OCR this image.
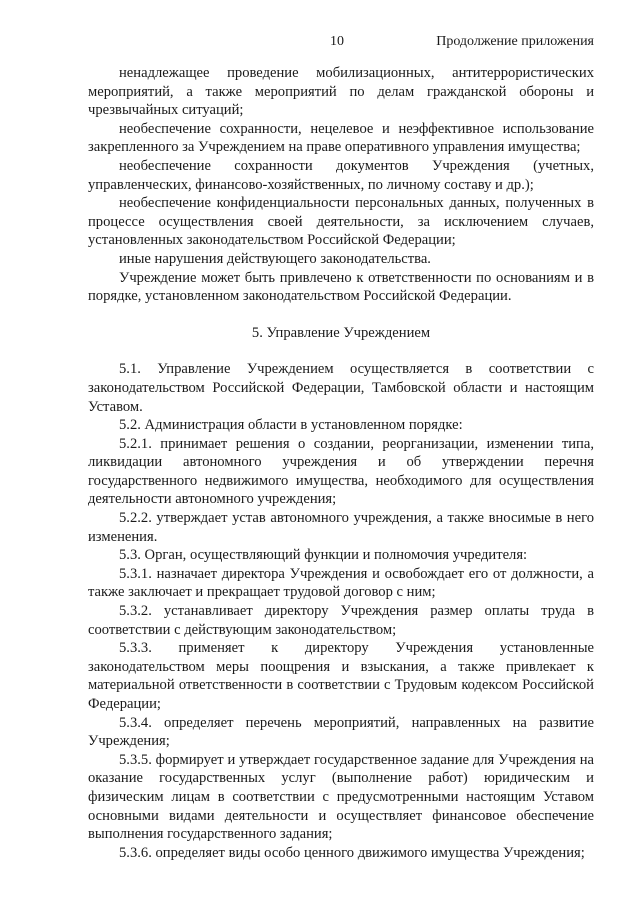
10	Продолжение приложения

ненадлежащее проведение мобилизационных, антитеррористических мероприятий, а также мероприятий по делам гражданской обороны и чрезвычайных ситуаций;

необеспечение сохранности, нецелевое и неэффективное использование закрепленного за Учреждением на праве оперативного управления имущества;

необеспечение сохранности документов Учреждения (учетных, управленческих, финансово-хозяйственных, по личному составу и др.);

необеспечение конфиденциальности персональных данных, полученных в процессе осуществления своей деятельности, за исключением случаев, установленных законодательством Российской Федерации;

иные нарушения действующего законодательства.

Учреждение может быть привлечено к ответственности по основаниям и в порядке, установленном законодательством Российской Федерации.

5. Управление Учреждением

5.1. Управление Учреждением осуществляется в соответствии с законодательством Российской Федерации, Тамбовской области и настоящим Уставом.

5.2. Администрация области в установленном порядке:

5.2.1. принимает решения о создании, реорганизации, изменении типа, ликвидации автономного учреждения и об утверждении перечня государственного недвижимого имущества, необходимого для осуществления деятельности автономного учреждения;

5.2.2. утверждает устав автономного учреждения, а также вносимые в него изменения.

5.3. Орган, осуществляющий функции и полномочия учредителя:

5.3.1. назначает директора Учреждения и освобождает его от должности, а также заключает и прекращает трудовой договор с ним;

5.3.2. устанавливает директору Учреждения размер оплаты труда в соответствии с действующим законодательством;

5.3.3. применяет к директору Учреждения установленные законодательством меры поощрения и взыскания, а также привлекает к материальной ответственности в соответствии с Трудовым кодексом Российской Федерации;

5.3.4. определяет перечень мероприятий, направленных на развитие Учреждения;

5.3.5. формирует и утверждает государственное задание для Учреждения на оказание государственных услуг (выполнение работ) юридическим и физическим лицам в соответствии с предусмотренными настоящим Уставом основными видами деятельности и осуществляет финансовое обеспечение выполнения государственного задания;

5.3.6. определяет виды особо ценного движимого имущества Учреждения;
